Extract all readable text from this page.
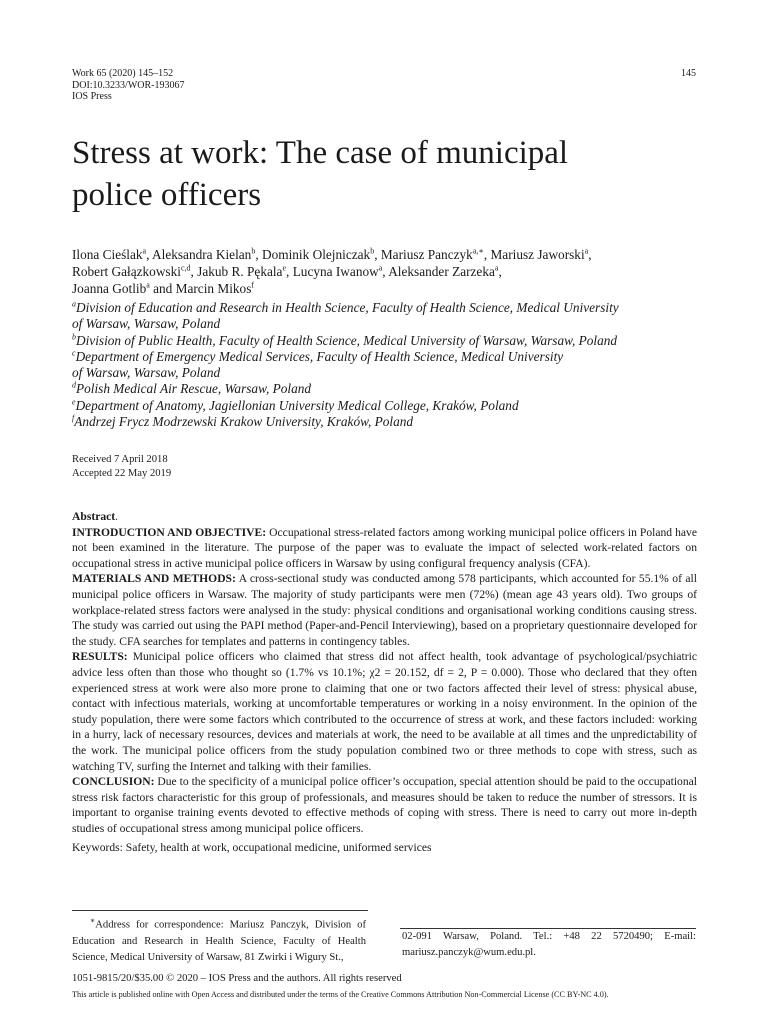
Work 65 (2020) 145–152
DOI:10.3233/WOR-193067
IOS Press
145
Stress at work: The case of municipal
police officers
Ilona Cieślak$^a$, Aleksandra Kielan$^b$, Dominik Olejniczak$^b$, Mariusz Panczyk$^{a,∗}$, Mariusz Jaworski$^a$,
Robert Gałązkowski$^{c,d}$, Jakub R. Pękala$^e$, Lucyna Iwanow$^a$, Aleksander Zarzeka$^a$,
Joanna Gotlib$^a$ and Marcin Mikos$^f$
$^a$Division of Education and Research in Health Science, Faculty of Health Science, Medical University
of Warsaw, Warsaw, Poland
$^b$Division of Public Health, Faculty of Health Science, Medical University of Warsaw, Warsaw, Poland
$^c$Department of Emergency Medical Services, Faculty of Health Science, Medical University
of Warsaw, Warsaw, Poland
$^d$Polish Medical Air Rescue, Warsaw, Poland
$^e$Department of Anatomy, Jagiellonian University Medical College, Kraków, Poland
$^f$Andrzej Frycz Modrzewski Krakow University, Kraków, Poland
Received 7 April 2018
Accepted 22 May 2019

Abstract.

INTRODUCTION AND OBJECTIVE: Occupational stress-related factors among working municipal police officers in Poland have not been examined in the literature. The purpose of the paper was to evaluate the impact of selected work-related factors on occupational stress in active municipal police officers in Warsaw by using configural frequency analysis (CFA).

MATERIALS AND METHODS: A cross-sectional study was conducted among 578 participants, which accounted for 55.1% of all municipal police officers in Warsaw. The majority of study participants were men (72%) (mean age 43 years old). Two groups of workplace-related stress factors were analysed in the study: physical conditions and organisational working conditions causing stress. The study was carried out using the PAPI method (Paper-and-Pencil Interviewing), based on a proprietary questionnaire developed for the study. CFA searches for templates and patterns in contingency tables.

RESULTS: Municipal police officers who claimed that stress did not affect health, took advantage of psychological/psychiatric advice less often than those who thought so (1.7% vs 10.1%; χ2 = 20.152, df = 2, P = 0.000). Those who declared that they often experienced stress at work were also more prone to claiming that one or two factors affected their level of stress: physical abuse, contact with infectious materials, working at uncomfortable temperatures or working in a noisy environment. In the opinion of the study population, there were some factors which contributed to the occurrence of stress at work, and these factors included: working in a hurry, lack of necessary resources, devices and materials at work, the need to be available at all times and the unpredictability of the work. The municipal police officers from the study population combined two or three methods to cope with stress, such as watching TV, surfing the Internet and talking with their families.

CONCLUSION: Due to the specificity of a municipal police officer’s occupation, special attention should be paid to the occupational stress risk factors characteristic for this group of professionals, and measures should be taken to reduce the number of stressors. It is important to organise training events devoted to effective methods of coping with stress. There is need to carry out more in-depth studies of occupational stress among municipal police officers.

Keywords: Safety, health at work, occupational medicine, uniformed services
∗Address for correspondence: Mariusz Panczyk, Division of Education and Research in Health Science, Faculty of Health Science, Medical University of Warsaw, 81 Zwirki i Wigury St.,
02-091 Warsaw, Poland. Tel.: +48 22 5720490; E-mail: mariusz.panczyk@wum.edu.pl.
1051-9815/20/$35.00 © 2020 – IOS Press and the authors. All rights reserved
This article is published online with Open Access and distributed under the terms of the Creative Commons Attribution Non-Commercial License (CC BY-NC 4.0).
